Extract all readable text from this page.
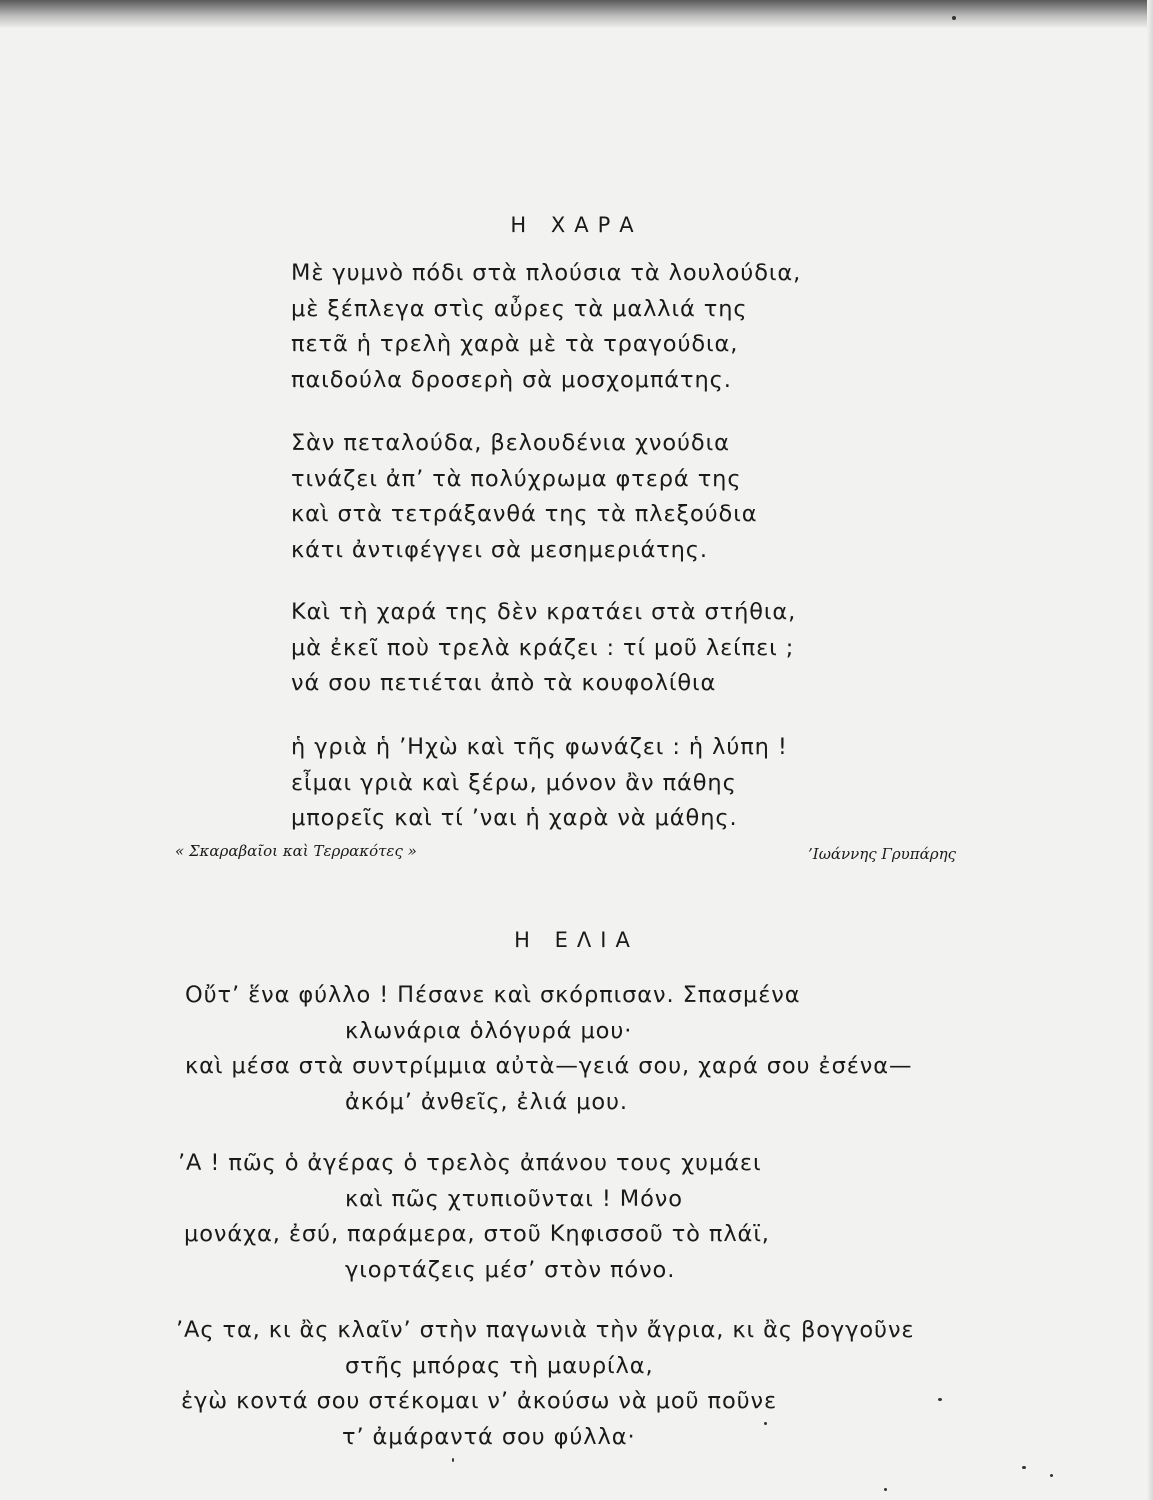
Η ΧΑΡΑ
Μὲ γυμνὸ πόδι στὰ πλούσια τὰ λουλούδια,
μὲ ξέπλεγα στὶς αὖρες τὰ μαλλιά της
πετᾶ ἡ τρελὴ χαρὰ μὲ τὰ τραγούδια,
παιδούλα δροσερὴ σὰ μοσχομπάτης.
Σὰν πεταλούδα, βελουδένια χνούδια
τινάζει ἀπ’ τὰ πολύχρωμα φτερά της
καὶ στὰ τετράξανθά της τὰ πλεξούδια
κάτι ἀντιφέγγει σὰ μεσημεριάτης.
Καὶ τὴ χαρά της δὲν κρατάει στὰ στήθια,
μὰ ἐκεῖ ποὺ τρελὰ κράζει : τί μοῦ λείπει ;
νά σου πετιέται ἀπὸ τὰ κουφολίθια
ἡ γριὰ ἡ ’Ηχὼ καὶ τῆς φωνάζει : ἡ λύπη !
εἶμαι γριὰ καὶ ξέρω, μόνον ἂν πάθης
μπορεῖς καὶ τί ’ναι ἡ χαρὰ νὰ μάθης.
« Σκαραβαῖοι καὶ Τερρακότες »	’Ιωάννης Γρυπάρης
Η ΕΛΙΑ
Οὔτ’ ἕνα φύλλο ! Πέσανε καὶ σκόρπισαν. Σπασμένα
κλωνάρια ὁλόγυρά μου·
καὶ μέσα στὰ συντρίμμια αὐτὰ—γειά σου, χαρά σου ἐσένα—
ἀκόμ’ ἀνθεῖς, ἐλιά μου.
’Α ! πῶς ὁ ἀγέρας ὁ τρελὸς ἀπάνου τους χυμάει
καὶ πῶς χτυπιοῦνται ! Μόνο
μονάχα, ἐσύ, παράμερα, στοῦ Κηφισσοῦ τὸ πλάϊ,
γιορτάζεις μέσ’ στὸν πόνο.
’Ας τα, κι ἂς κλαῖν’ στὴν παγωνιὰ τὴν ἄγρια, κι ἂς βογγοῦνε
στῆς μπόρας τὴ μαυρίλα,
ἐγὼ κοντά σου στέκομαι ν’ ἀκούσω νὰ μοῦ ποῦνε
τ’ ἀμάραντά σου φύλλα·
